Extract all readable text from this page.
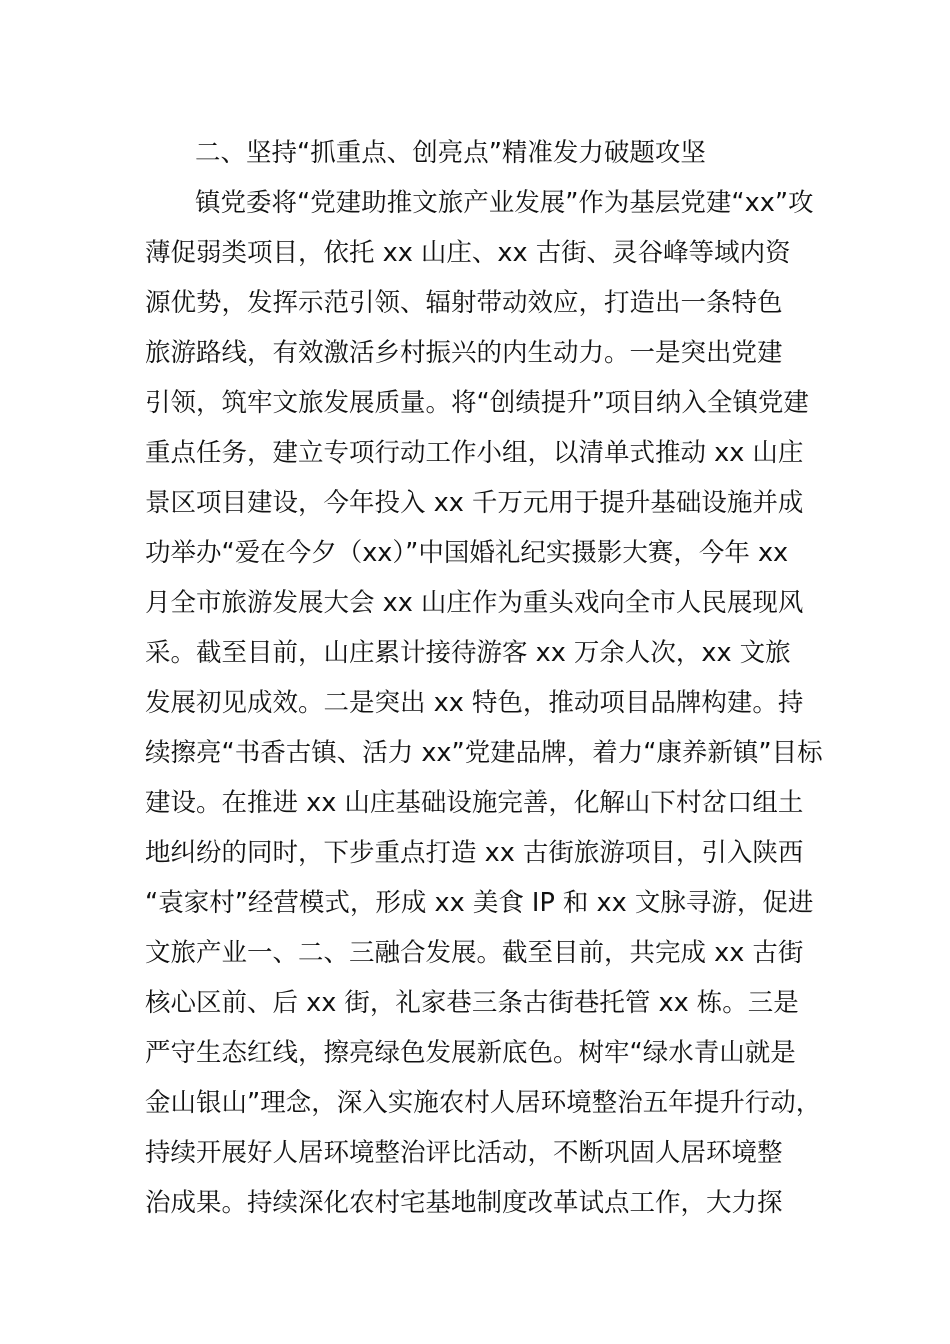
二、坚持“抓重点、创亮点”精准发力破题攻坚
镇党委将“党建助推文旅产业发展”作为基层党建“xx”攻
薄促弱类项目，依托 xx 山庄、xx 古街、灵谷峰等域内资
源优势，发挥示范引领、辐射带动效应，打造出一条特色
旅游路线，有效激活乡村振兴的内生动力。一是突出党建
引领，筑牢文旅发展质量。将“创绩提升”项目纳入全镇党建
重点任务，建立专项行动工作小组，以清单式推动 xx 山庄
景区项目建设，今年投入 xx 千万元用于提升基础设施并成
功举办“爱在今夕（xx）”中国婚礼纪实摄影大赛，今年 xx
月全市旅游发展大会 xx 山庄作为重头戏向全市人民展现风
采。截至目前，山庄累计接待游客 xx 万余人次，xx 文旅
发展初见成效。二是突出 xx 特色，推动项目品牌构建。持
续擦亮“书香古镇、活力 xx”党建品牌，着力“康养新镇”目标
建设。在推进 xx 山庄基础设施完善，化解山下村岔口组土
地纠纷的同时，下步重点打造 xx 古街旅游项目，引入陕西
“袁家村”经营模式，形成 xx 美食 IP 和 xx 文脉寻游，促进
文旅产业一、二、三融合发展。截至目前，共完成 xx 古街
核心区前、后 xx 街，礼家巷三条古街巷托管 xx 栋。三是
严守生态红线，擦亮绿色发展新底色。树牢“绿水青山就是
金山银山”理念，深入实施农村人居环境整治五年提升行动，
持续开展好人居环境整治评比活动，不断巩固人居环境整
治成果。持续深化农村宅基地制度改革试点工作，大力探
